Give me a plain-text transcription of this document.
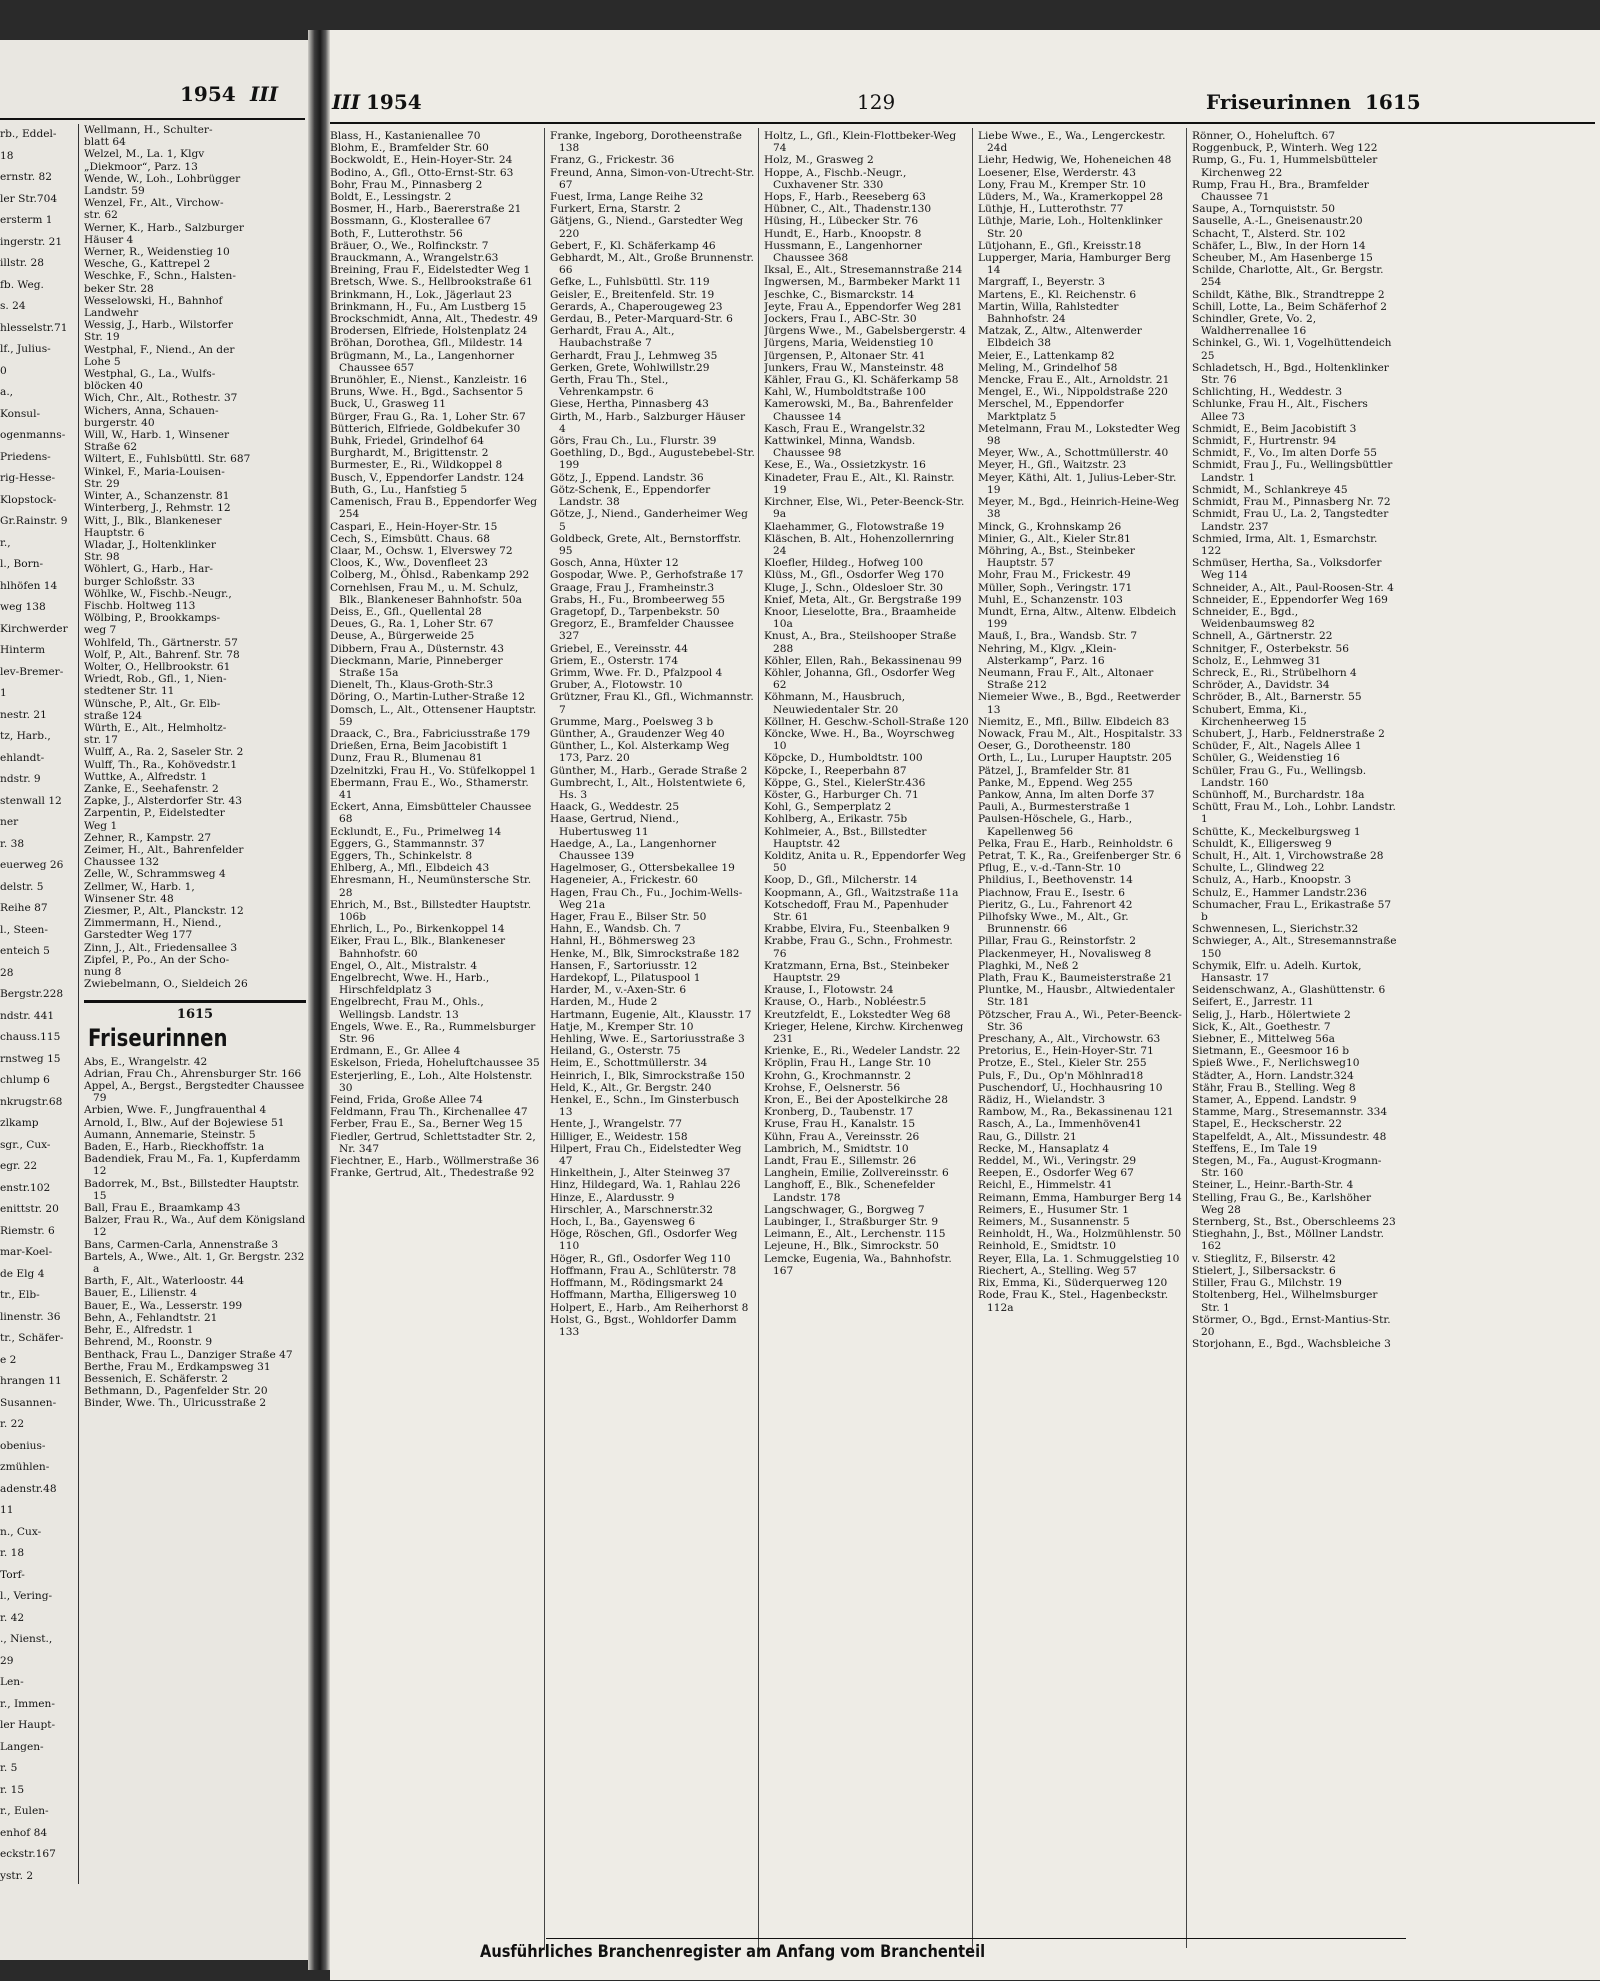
1954 III
rb., Eddel-
18
ernstr. 82
ler Str.704
ersterm 1
ingerstr. 21
illstr. 28
fb. Weg.
s. 24
hlesselstr.71
lf., Julius-
0
a.,
Konsul-
ogenmanns-
Priedens-
rig-Hesse-
Klopstock-
Gr.Rainstr. 9
r.,
l., Born-
hlhöfen 14
weg 138
Kirchwerder
Hinterm
lev-Bremer-
1
nestr. 21
tz, Harb.,
ehlandt-
ndstr. 9
stenwall 12
ner
r. 38
euerweg 26
delstr. 5
Reihe 87
l., Steen-
enteich 5
28
Bergstr.228
ndstr. 441
chauss.115
rnstweg 15
chlump 6
nkrugstr.68
zlkamp
sgr., Cux-
egr. 22
enstr.102
enittstr. 20
Riemstr. 6
mar-Koel-
de Elg 4
tr., Elb-
linenstr. 36
tr., Schäfer-
e 2
hrangen 11
Susannen-
r. 22
obenius-
zmühlen-
adenstr.48
11
n., Cux-
r. 18
Torf-
l., Vering-
r. 42
., Nienst.,
29
Len-
r., Immen-
ler Haupt-
Langen-
r. 5
r. 15
r., Eulen-
enhof 84
eckstr.167
ystr. 2
Wellmann, H., Schulter-
blatt 64
Welzel, M., La. 1, Klgv
„Diekmoor“, Parz. 13
Wende, W., Loh., Lohbrügger
Landstr. 59
Wenzel, Fr., Alt., Virchow-
str. 62
Werner, K., Harb., Salzburger
Häuser 4
Werner, R., Weidenstieg 10
Wesche, G., Kattrepel 2
Weschke, F., Schn., Halsten-
beker Str. 28
Wesselowski, H., Bahnhof
Landwehr
Wessig, J., Harb., Wilstorfer
Str. 19
Westphal, F., Niend., An der
Lohe 5
Westphal, G., La., Wulfs-
blöcken 40
Wich, Chr., Alt., Rothestr. 37
Wichers, Anna, Schauen-
burgerstr. 40
Will, W., Harb. 1, Winsener
Straße 62
Wiltert, E., Fuhlsbüttl. Str. 687
Winkel, F., Maria-Louisen-
Str. 29
Winter, A., Schanzenstr. 81
Winterberg, J., Rehmstr. 12
Witt, J., Blk., Blankeneser
Hauptstr. 6
Wladar, J., Holtenklinker
Str. 98
Wöhlert, G., Harb., Har-
burger Schloßstr. 33
Wöhlke, W., Fischb.-Neugr.,
Fischb. Holtweg 113
Wölbing, P., Brookkamps-
weg 7
Wohlfeld, Th., Gärtnerstr. 57
Wolf, P., Alt., Bahrenf. Str. 78
Wolter, O., Hellbrookstr. 61
Wriedt, Rob., Gfl., 1, Nien-
stedtener Str. 11
Wünsche, P., Alt., Gr. Elb-
straße 124
Würth, E., Alt., Helmholtz-
str. 17
Wulff, A., Ra. 2, Saseler Str. 2
Wulff, Th., Ra., Kohövedstr.1
Wuttke, A., Alfredstr. 1
Zanke, E., Seehafenstr. 2
Zapke, J., Alsterdorfer Str. 43
Zarpentin, P., Eidelstedter
Weg 1
Zehner, R., Kampstr. 27
Zeimer, H., Alt., Bahrenfelder
Chaussee 132
Zelle, W., Schrammsweg 4
Zellmer, W., Harb. 1,
Winsener Str. 48
Ziesmer, P., Alt., Planckstr. 12
Zimmermann, H., Niend.,
Garstedter Weg 177
Zinn, J., Alt., Friedensallee 3
Zipfel, P., Po., An der Scho-
nung 8
Zwiebelmann, O., Sieldeich 26
1615
Friseurinnen
Abs, E., Wrangelstr. 42
Adrian, Frau Ch., Ahrensburger Str. 166
Appel, A., Bergst., Bergstedter Chaussee 79
Arbien, Wwe. F., Jungfrauenthal 4
Arnold, I., Blw., Auf der Bojewiese 51
Aumann, Annemarie, Steinstr. 5
Baden, E., Harb., Rieckhoffstr. 1a
Badendiek, Frau M., Fa. 1, Kupferdamm 12
Badorrek, M., Bst., Billstedter Hauptstr. 15
Ball, Frau E., Braamkamp 43
Balzer, Frau R., Wa., Auf dem Königsland 12
Bans, Carmen-Carla, Annenstraße 3
Bartels, A., Wwe., Alt. 1, Gr. Bergstr. 232 a
Barth, F., Alt., Waterloostr. 44
Bauer, E., Lilienstr. 4
Bauer, E., Wa., Lesserstr. 199
Behn, A., Fehlandtstr. 21
Behr, E., Alfredstr. 1
Behrend, M., Roonstr. 9
Benthack, Frau L., Danziger Straße 47
Berthe, Frau M., Erdkampsweg 31
Bessenich, E. Schäferstr. 2
Bethmann, D., Pagenfelder Str. 20
Binder, Wwe. Th., Ulricusstraße 2
III 1954	129	Friseurinnen 1615
Blass, H., Kastanienallee 70
Blohm, E., Bramfelder Str. 60
Bockwoldt, E., Hein-Hoyer-Str. 24
Bodino, A., Gfl., Otto-Ernst-Str. 63
Bohr, Frau M., Pinnasberg 2
Boldt, E., Lessingstr. 2
Bosmer, H., Harb., Baererstraße 21
Bossmann, G., Klosterallee 67
Both, F., Lutterothstr. 56
Bräuer, O., We., Rolfinckstr. 7
Brauckmann, A., Wrangelstr.63
Breining, Frau F., Eidelstedter Weg 1
Bretsch, Wwe. S., Hellbrookstraße 61
Brinkmann, H., Lok., Jägerlaut 23
Brinkmann, H., Fu., Am Lustberg 15
Brockschmidt, Anna, Alt., Thedestr. 49
Brodersen, Elfriede, Holstenplatz 24
Bröhan, Dorothea, Gfl., Mildestr. 14
Brügmann, M., La., Langenhorner Chaussee 657
Brunöhler, E., Nienst., Kanzleistr. 16
Bruns, Wwe. H., Bgd., Sachsentor 5
Buck, U., Grasweg 11
Bürger, Frau G., Ra. 1, Loher Str. 67
Bütterich, Elfriede, Goldbekufer 30
Buhk, Friedel, Grindelhof 64
Burghardt, M., Brigittenstr. 2
Burmester, E., Ri., Wildkoppel 8
Busch, V., Eppendorfer Landstr. 124
Buth, G., Lu., Hanfstieg 5
Camenisch, Frau B., Eppendorfer Weg 254
Caspari, E., Hein-Hoyer-Str. 15
Cech, S., Eimsbütt. Chaus. 68
Claar, M., Ochsw. 1, Elverswey 72
Cloos, K., Ww., Dovenfleet 23
Colberg, M., Öhlsd., Rabenkamp 292
Cornehlsen, Frau M., u. M. Schulz, Blk., Blankeneser Bahnhofstr. 50a
Deiss, E., Gfl., Quellental 28
Deues, G., Ra. 1, Loher Str. 67
Deuse, A., Bürgerweide 25
Dibbern, Frau A., Düsternstr. 43
Dieckmann, Marie, Pinneberger Straße 15a
Dienelt, Th., Klaus-Groth-Str.3
Döring, O., Martin-Luther-Straße 12
Domsch, L., Alt., Ottensener Hauptstr. 59
Draack, C., Bra., Fabriciusstraße 179
Drießen, Erna, Beim Jacobistift 1
Dunz, Frau R., Blumenau 81
Dzelnitzki, Frau H., Vo. Stüfelkoppel 1
Ebermann, Frau E., Wo., Sthamerstr. 41
Eckert, Anna, Eimsbütteler Chaussee 68
Ecklundt, E., Fu., Primelweg 14
Eggers, G., Stammannstr. 37
Eggers, Th., Schinkelstr. 8
Ehlberg, A., Mfl., Elbdeich 43
Ehresmann, H., Neumünstersche Str. 28
Ehrich, M., Bst., Billstedter Hauptstr. 106b
Ehrlich, L., Po., Birkenkoppel 14
Eiker, Frau L., Blk., Blankeneser Bahnhofstr. 60
Engel, O., Alt., Mistralstr. 4
Engelbrecht, Wwe. H., Harb., Hirschfeldplatz 3
Engelbrecht, Frau M., Ohls., Wellingsb. Landstr. 13
Engels, Wwe. E., Ra., Rummelsburger Str. 96
Erdmann, E., Gr. Allee 4
Eskelson, Frieda, Hoheluftchaussee 35
Esterjerling, E., Loh., Alte Holstenstr. 30
Feind, Frida, Große Allee 74
Feldmann, Frau Th., Kirchenallee 47
Ferber, Frau E., Sa., Berner Weg 15
Fiedler, Gertrud, Schlettstadter Str. 2, Nr. 347
Fiechtner, E., Harb., Wöllmerstraße 36
Franke, Gertrud, Alt., Thedestraße 92
Franke, Ingeborg, Dorotheenstraße 138
Franz, G., Frickestr. 36
Freund, Anna, Simon-von-Utrecht-Str. 67
Fuest, Irma, Lange Reihe 32
Furkert, Erna, Starstr. 2
Gätjens, G., Niend., Garstedter Weg 220
Gebert, F., Kl. Schäferkamp 46
Gebhardt, M., Alt., Große Brunnenstr. 66
Gefke, L., Fuhlsbüttl. Str. 119
Geisler, E., Breitenfeld. Str. 19
Gerards, A., Chaperougeweg 23
Gerdau, B., Peter-Marquard-Str. 6
Gerhardt, Frau A., Alt., Haubachstraße 7
Gerhardt, Frau J., Lehmweg 35
Gerken, Grete, Wohlwillstr.29
Gerth, Frau Th., Stel., Vehrenkampstr. 6
Giese, Hertha, Pinnasberg 43
Girth, M., Harb., Salzburger Häuser 4
Görs, Frau Ch., Lu., Flurstr. 39
Goethling, D., Bgd., Augustebebel-Str. 199
Götz, J., Eppend. Landstr. 36
Götz-Schenk, E., Eppendorfer Landstr. 38
Götze, J., Niend., Ganderheimer Weg 5
Goldbeck, Grete, Alt., Bernstorffstr. 95
Gosch, Anna, Hüxter 12
Gospodar, Wwe. P., Gerhofstraße 17
Graage, Frau J., Framheinstr.3
Grabs, H., Fu., Brombeerweg 55
Gragetopf, D., Tarpenbekstr. 50
Gregorz, E., Bramfelder Chaussee 327
Griebel, E., Vereinsstr. 44
Griem, E., Osterstr. 174
Grimm, Wwe. Fr. D., Pfalzpool 4
Gruber, A., Flotowstr. 10
Grützner, Frau Kl., Gfl., Wichmannstr. 7
Grumme, Marg., Poelsweg 3 b
Günther, A., Graudenzer Weg 40
Günther, L., Kol. Alsterkamp Weg 173, Parz. 20
Günther, M., Harb., Gerade Straße 2
Gumbrecht, I., Alt., Holstentwiete 6, Hs. 3
Haack, G., Weddestr. 25
Haase, Gertrud, Niend., Hubertusweg 11
Haedge, A., La., Langenhorner Chaussee 139
Hagelmoser, G., Ottersbekallee 19
Hageneier, A., Frickestr. 60
Hagen, Frau Ch., Fu., Jochim-Wells-Weg 21a
Hager, Frau E., Bilser Str. 50
Hahn, E., Wandsb. Ch. 7
Hahnl, H., Böhmersweg 23
Henke, M., Blk, Simrockstraße 182
Hansen, F., Sartoriusstr. 12
Hardekopf, L., Pilatuspool 1
Harder, M., v.-Axen-Str. 6
Harden, M., Hude 2
Hartmann, Eugenie, Alt., Klausstr. 17
Hatje, M., Kremper Str. 10
Hehling, Wwe. E., Sartoriusstraße 3
Heiland, G., Osterstr. 75
Heim, E., Schottmüllerstr. 34
Heinrich, I., Blk, Simrockstraße 150
Held, K., Alt., Gr. Bergstr. 240
Henkel, E., Schn., Im Ginsterbusch 13
Hente, J., Wrangelstr. 77
Hilliger, E., Weidestr. 158
Hilpert, Frau Ch., Eidelstedter Weg 47
Hinkelthein, J., Alter Steinweg 37
Hinz, Hildegard, Wa. 1, Rahlau 226
Hinze, E., Alardusstr. 9
Hirschler, A., Marschnerstr.32
Hoch, I., Ba., Gayensweg 6
Höge, Röschen, Gfl., Osdorfer Weg 110
Höger, R., Gfl., Osdorfer Weg 110
Hoffmann, Frau A., Schlüterstr. 78
Hoffmann, M., Rödingsmarkt 24
Hoffmann, Martha, Elligersweg 10
Holpert, E., Harb., Am Reiherhorst 8
Holst, G., Bgst., Wohldorfer Damm 133
Holtz, L., Gfl., Klein-Flottbeker-Weg 74
Holz, M., Grasweg 2
Hoppe, A., Fischb.-Neugr., Cuxhavener Str. 330
Hops, F., Harb., Reeseberg 63
Hübner, C., Alt., Thadenstr.130
Hüsing, H., Lübecker Str. 76
Hundt, E., Harb., Knoopstr. 8
Hussmann, E., Langenhorner Chaussee 368
Iksal, E., Alt., Stresemannstraße 214
Ingwersen, M., Barmbeker Markt 11
Jeschke, C., Bismarckstr. 14
Jeyte, Frau A., Eppendorfer Weg 281
Jockers, Frau I., ABC-Str. 30
Jürgens Wwe., M., Gabelsbergerstr. 4
Jürgens, Maria, Weidenstieg 10
Jürgensen, P., Altonaer Str. 41
Junkers, Frau W., Mansteinstr. 48
Kähler, Frau G., Kl. Schäferkamp 58
Kahl, W., Humboldtstraße 100
Kamerowski, M., Ba., Bahrenfelder Chaussee 14
Kasch, Frau E., Wrangelstr.32
Kattwinkel, Minna, Wandsb. Chaussee 98
Kese, E., Wa., Ossietzkystr. 16
Kinadeter, Frau E., Alt., Kl. Rainstr. 19
Kirchner, Else, Wi., Peter-Beenck-Str. 9a
Klaehammer, G., Flotowstraße 19
Kläschen, B. Alt., Hohenzollernring 24
Kloefler, Hildeg., Hofweg 100
Klüss, M., Gfl., Osdorfer Weg 170
Kluge, J., Schn., Oldesloer Str. 30
Knief, Meta, Alt., Gr. Bergstraße 199
Knoor, Lieselotte, Bra., Braamheide 10a
Knust, A., Bra., Steilshooper Straße 288
Köhler, Ellen, Rah., Bekassinenau 99
Köhler, Johanna, Gfl., Osdorfer Weg 62
Köhmann, M., Hausbruch, Neuwiedentaler Str. 20
Köllner, H. Geschw.-Scholl-Straße 120
Köncke, Wwe. H., Ba., Woyrschweg 10
Köpcke, D., Humboldtstr. 100
Köpcke, I., Reeperbahn 87
Köppe, G., Stel., KielerStr.436
Köster, G., Harburger Ch. 71
Kohl, G., Semperplatz 2
Kohlberg, A., Erikastr. 75b
Kohlmeier, A., Bst., Billstedter Hauptstr. 42
Kolditz, Anita u. R., Eppendorfer Weg 50
Koop, D., Gfl., Milcherstr. 14
Koopmann, A., Gfl., Waitzstraße 11a
Kotschedoff, Frau M., Papenhuder Str. 61
Krabbe, Elvira, Fu., Steenbalken 9
Krabbe, Frau G., Schn., Frohmestr. 76
Kratzmann, Erna, Bst., Steinbeker Hauptstr. 29
Krause, I., Flotowstr. 24
Krause, O., Harb., Nobléestr.5
Kreutzfeldt, E., Lokstedter Weg 68
Krieger, Helene, Kirchw. Kirchenweg 231
Krienke, E., Ri., Wedeler Landstr. 22
Kröplin, Frau H., Lange Str. 10
Krohn, G., Krochmannstr. 2
Krohse, F., Oelsnerstr. 56
Kron, E., Bei der Apostelkirche 28
Kronberg, D., Taubenstr. 17
Kruse, Frau H., Kanalstr. 15
Kühn, Frau A., Vereinsstr. 26
Lambrich, M., Smidtstr. 10
Landt, Frau E., Sillemstr. 26
Langhein, Emilie, Zollvereinsstr. 6
Langhoff, E., Blk., Schenefelder Landstr. 178
Langschwager, G., Borgweg 7
Laubinger, I., Straßburger Str. 9
Leimann, E., Alt., Lerchenstr. 115
Lejeune, H., Blk., Simrockstr. 50
Lemcke, Eugenia, Wa., Bahnhofstr. 167
Liebe Wwe., E., Wa., Lengerckestr. 24d
Liehr, Hedwig, We, Hoheneichen 48
Loesener, Else, Werderstr. 43
Lony, Frau M., Kremper Str. 10
Lüders, M., Wa., Kramerkoppel 28
Lüthje, H., Lutterothstr. 77
Lüthje, Marie, Loh., Holtenklinker Str. 20
Lütjohann, E., Gfl., Kreisstr.18
Lupperger, Maria, Hamburger Berg 14
Margraff, I., Beyerstr. 3
Martens, E., Kl. Reichenstr. 6
Martin, Willa, Rahlstedter Bahnhofstr. 24
Matzak, Z., Altw., Altenwerder Elbdeich 38
Meier, E., Lattenkamp 82
Meling, M., Grindelhof 58
Mencke, Frau E., Alt., Arnoldstr. 21
Mengel, E., Wi., Nippoldstraße 220
Merschel, M., Eppendorfer Marktplatz 5
Metelmann, Frau M., Lokstedter Weg 98
Meyer, Ww., A., Schottmüllerstr. 40
Meyer, H., Gfl., Waitzstr. 23
Meyer, Käthi, Alt. 1, Julius-Leber-Str. 19
Meyer, M., Bgd., Heinrich-Heine-Weg 38
Minck, G., Krohnskamp 26
Minier, G., Alt., Kieler Str.81
Möhring, A., Bst., Steinbeker Hauptstr. 57
Mohr, Frau M., Frickestr. 49
Müller, Soph., Veringstr. 171
Muhl, E., Schanzenstr. 103
Mundt, Erna, Altw., Altenw. Elbdeich 199
Mauß, I., Bra., Wandsb. Str. 7
Nehring, M., Klgv. „Klein-Alsterkamp“, Parz. 16
Neumann, Frau F., Alt., Altonaer Straße 212
Niemeier Wwe., B., Bgd., Reetwerder 13
Niemitz, E., Mfl., Billw. Elbdeich 83
Nowack, Frau M., Alt., Hospitalstr. 33
Oeser, G., Dorotheenstr. 180
Orth, L., Lu., Luruper Hauptstr. 205
Pätzel, J., Bramfelder Str. 81
Panke, M., Eppend. Weg 255
Pankow, Anna, Im alten Dorfe 37
Pauli, A., Burmesterstraße 1
Paulsen-Höschele, G., Harb., Kapellenweg 56
Pelka, Frau E., Harb., Reinholdstr. 6
Petrat, T. K., Ra., Greifenberger Str. 6
Pflug, E., v.-d.-Tann-Str. 10
Phildius, I., Beethovenstr. 14
Piachnow, Frau E., Isestr. 6
Pieritz, G., Lu., Fahrenort 42
Pilhofsky Wwe., M., Alt., Gr. Brunnenstr. 66
Pillar, Frau G., Reinstorfstr. 2
Plackenmeyer, H., Novalisweg 8
Plaghki, M., Neß 2
Plath, Frau K., Baumeisterstraße 21
Pluntke, M., Hausbr., Altwiedentaler Str. 181
Pötzscher, Frau A., Wi., Peter-Beenck-Str. 36
Preschany, A., Alt., Virchowstr. 63
Pretorius, E., Hein-Hoyer-Str. 71
Protze, E., Stel., Kieler Str. 255
Puls, F., Du., Op'n Möhlnrad18
Puschendorf, U., Hochhausring 10
Rädiz, H., Wielandstr. 3
Rambow, M., Ra., Bekassinenau 121
Rasch, A., La., Immenhöven41
Rau, G., Dillstr. 21
Recke, M., Hansaplatz 4
Reddel, M., Wi., Veringstr. 29
Reepen, E., Osdorfer Weg 67
Reichl, E., Himmelstr. 41
Reimann, Emma, Hamburger Berg 14
Reimers, E., Husumer Str. 1
Reimers, M., Susannenstr. 5
Reinholdt, H., Wa., Holzmühlenstr. 50
Reinhold, E., Smidtstr. 10
Reyer, Ella, La. 1. Schmuggelstieg 10
Riechert, A., Stelling. Weg 57
Rix, Emma, Ki., Süderquerweg 120
Rode, Frau K., Stel., Hagenbeckstr. 112a
Rönner, O., Hoheluftch. 67
Roggenbuck, P., Winterh. Weg 122
Rump, G., Fu. 1, Hummelsbütteler Kirchenweg 22
Rump, Frau H., Bra., Bramfelder Chaussee 71
Saupe, A., Tornquiststr. 50
Sauselle, A.-L., Gneisenaustr.20
Schacht, T., Alsterd. Str. 102
Schäfer, L., Blw., In der Horn 14
Scheuber, M., Am Hasenberge 15
Schilde, Charlotte, Alt., Gr. Bergstr. 254
Schildt, Käthe, Blk., Strandtreppe 2
Schill, Lotte, La., Beim Schäferhof 2
Schindler, Grete, Vo. 2, Waldherrenallee 16
Schinkel, G., Wi. 1, Vogelhüttendeich 25
Schladetsch, H., Bgd., Holtenklinker Str. 76
Schlichting, H., Weddestr. 3
Schlunke, Frau H., Alt., Fischers Allee 73
Schmidt, E., Beim Jacobistift 3
Schmidt, F., Hurtrenstr. 94
Schmidt, F., Vo., Im alten Dorfe 55
Schmidt, Frau J., Fu., Wellingsbüttler Landstr. 1
Schmidt, M., Schlankreye 45
Schmidt, Frau M., Pinnasberg Nr. 72
Schmidt, Frau U., La. 2, Tangstedter Landstr. 237
Schmied, Irma, Alt. 1, Esmarchstr. 122
Schmüser, Hertha, Sa., Volksdorfer Weg 114
Schneider, A., Alt., Paul-Roosen-Str. 4
Schneider, E., Eppendorfer Weg 169
Schneider, E., Bgd., Weidenbaumsweg 82
Schnell, A., Gärtnerstr. 22
Schnitger, F., Osterbekstr. 56
Scholz, E., Lehmweg 31
Schreck, E., Ri., Strübelhorn 4
Schröder, A., Davidstr. 34
Schröder, B., Alt., Barnerstr. 55
Schubert, Emma, Ki., Kirchenheerweg 15
Schubert, J., Harb., Feldnerstraße 2
Schüder, F., Alt., Nagels Allee 1
Schüler, G., Weidenstieg 16
Schüler, Frau G., Fu., Wellingsb. Landstr. 160
Schünhoff, M., Burchardstr. 18a
Schütt, Frau M., Loh., Lohbr. Landstr. 1
Schütte, K., Meckelburgsweg 1
Schuldt, K., Elligersweg 9
Schult, H., Alt. 1, Virchowstraße 28
Schulte, L., Glindweg 22
Schulz, A., Harb., Knoopstr. 3
Schulz, E., Hammer Landstr.236
Schumacher, Frau L., Erikastraße 57 b
Schwennesen, L., Sierichstr.32
Schwieger, A., Alt., Stresemannstraße 150
Schymik, Elfr. u. Adelh. Kurtok, Hansastr. 17
Seidenschwanz, A., Glashüttenstr. 6
Seifert, E., Jarrestr. 11
Selig, J., Harb., Hölertwiete 2
Sick, K., Alt., Goethestr. 7
Siebner, E., Mittelweg 56a
Sietmann, E., Geesmoor 16 b
Spieß Wwe., F., Nerlichsweg10
Städter, A., Horn. Landstr.324
Stähr, Frau B., Stelling. Weg 8
Stamer, A., Eppend. Landstr. 9
Stamme, Marg., Stresemannstr. 334
Stapel, E., Heckscherstr. 22
Stapelfeldt, A., Alt., Missundestr. 48
Steffens, E., Im Tale 19
Stegen, M., Fa., August-Krogmann-Str. 160
Steiner, L., Heinr.-Barth-Str. 4
Stelling, Frau G., Be., Karlshöher Weg 28
Sternberg, St., Bst., Oberschleems 23
Stieghahn, J., Bst., Möllner Landstr. 162
v. Stieglitz, F., Bilserstr. 42
Stielert, J., Silbersackstr. 6
Stiller, Frau G., Milchstr. 19
Stoltenberg, Hel., Wilhelmsburger Str. 1
Störmer, O., Bgd., Ernst-Mantius-Str. 20
Storjohann, E., Bgd., Wachsbleiche 3
Ausführliches Branchenregister am Anfang vom Branchenteil
